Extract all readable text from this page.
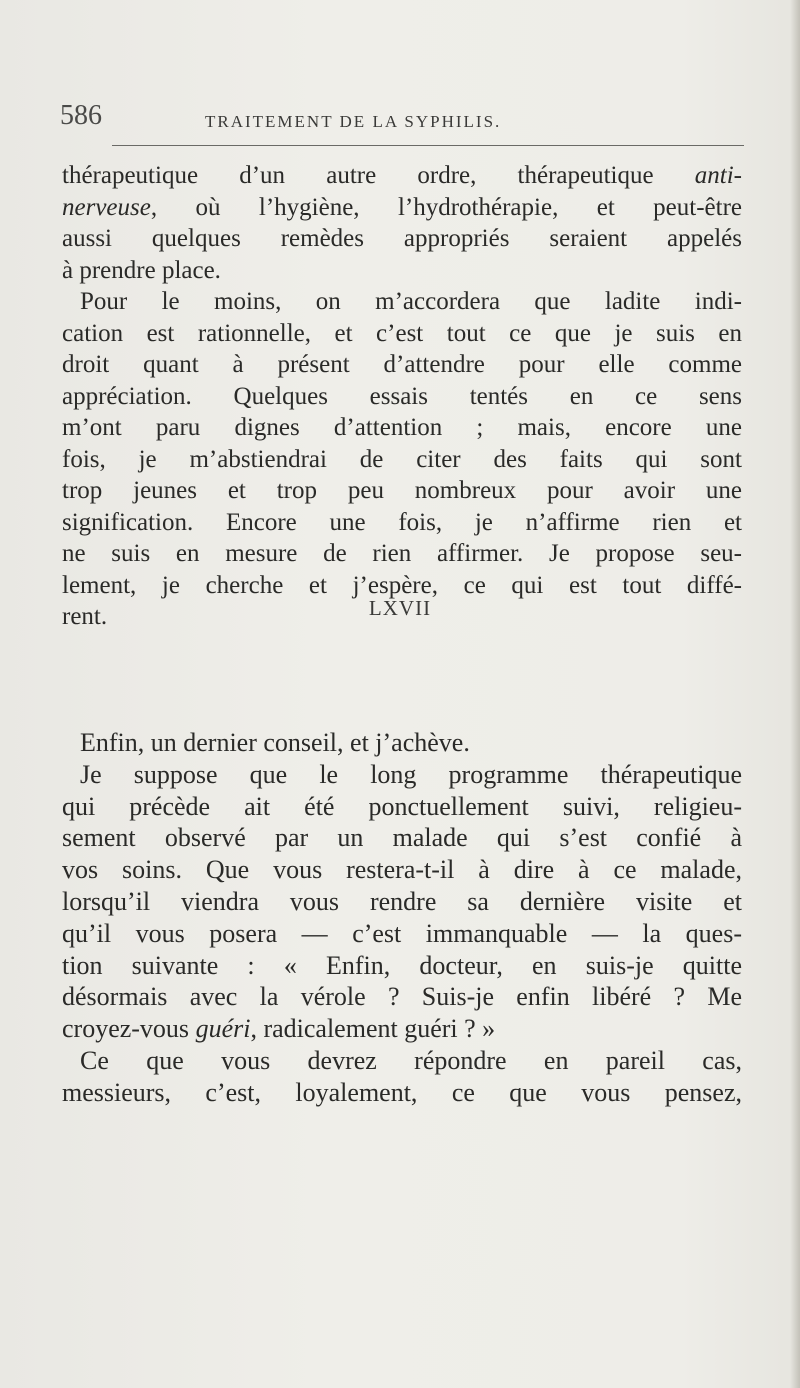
586	TRAITEMENT DE LA SYPHILIS.
thérapeutique d’un autre ordre, thérapeutique anti-
nerveuse, où l’hygiène, l’hydrothérapie, et peut-être
aussi quelques remèdes appropriés seraient appelés
à prendre place.
Pour le moins, on m’accordera que ladite indi-
cation est rationnelle, et c’est tout ce que je suis en
droit quant à présent d’attendre pour elle comme
appréciation. Quelques essais tentés en ce sens
m’ont paru dignes d’attention ; mais, encore une
fois, je m’abstiendrai de citer des faits qui sont
trop jeunes et trop peu nombreux pour avoir une
signification. Encore une fois, je n’affirme rien et
ne suis en mesure de rien affirmer. Je propose seu-
lement, je cherche et j’espère, ce qui est tout diffé-
rent.	LXVII
Enfin, un dernier conseil, et j’achève.
Je suppose que le long programme thérapeutique
qui précède ait été ponctuellement suivi, religieu-
sement observé par un malade qui s’est confié à
vos soins. Que vous restera-t-il à dire à ce malade,
lorsqu’il viendra vous rendre sa dernière visite et
qu’il vous posera — c’est immanquable — la ques-
tion suivante : « Enfin, docteur, en suis-je quitte
désormais avec la vérole ? Suis-je enfin libéré ? Me
croyez-vous guéri, radicalement guéri ? »
Ce que vous devrez répondre en pareil cas,
messieurs, c’est, loyalement, ce que vous pensez,
